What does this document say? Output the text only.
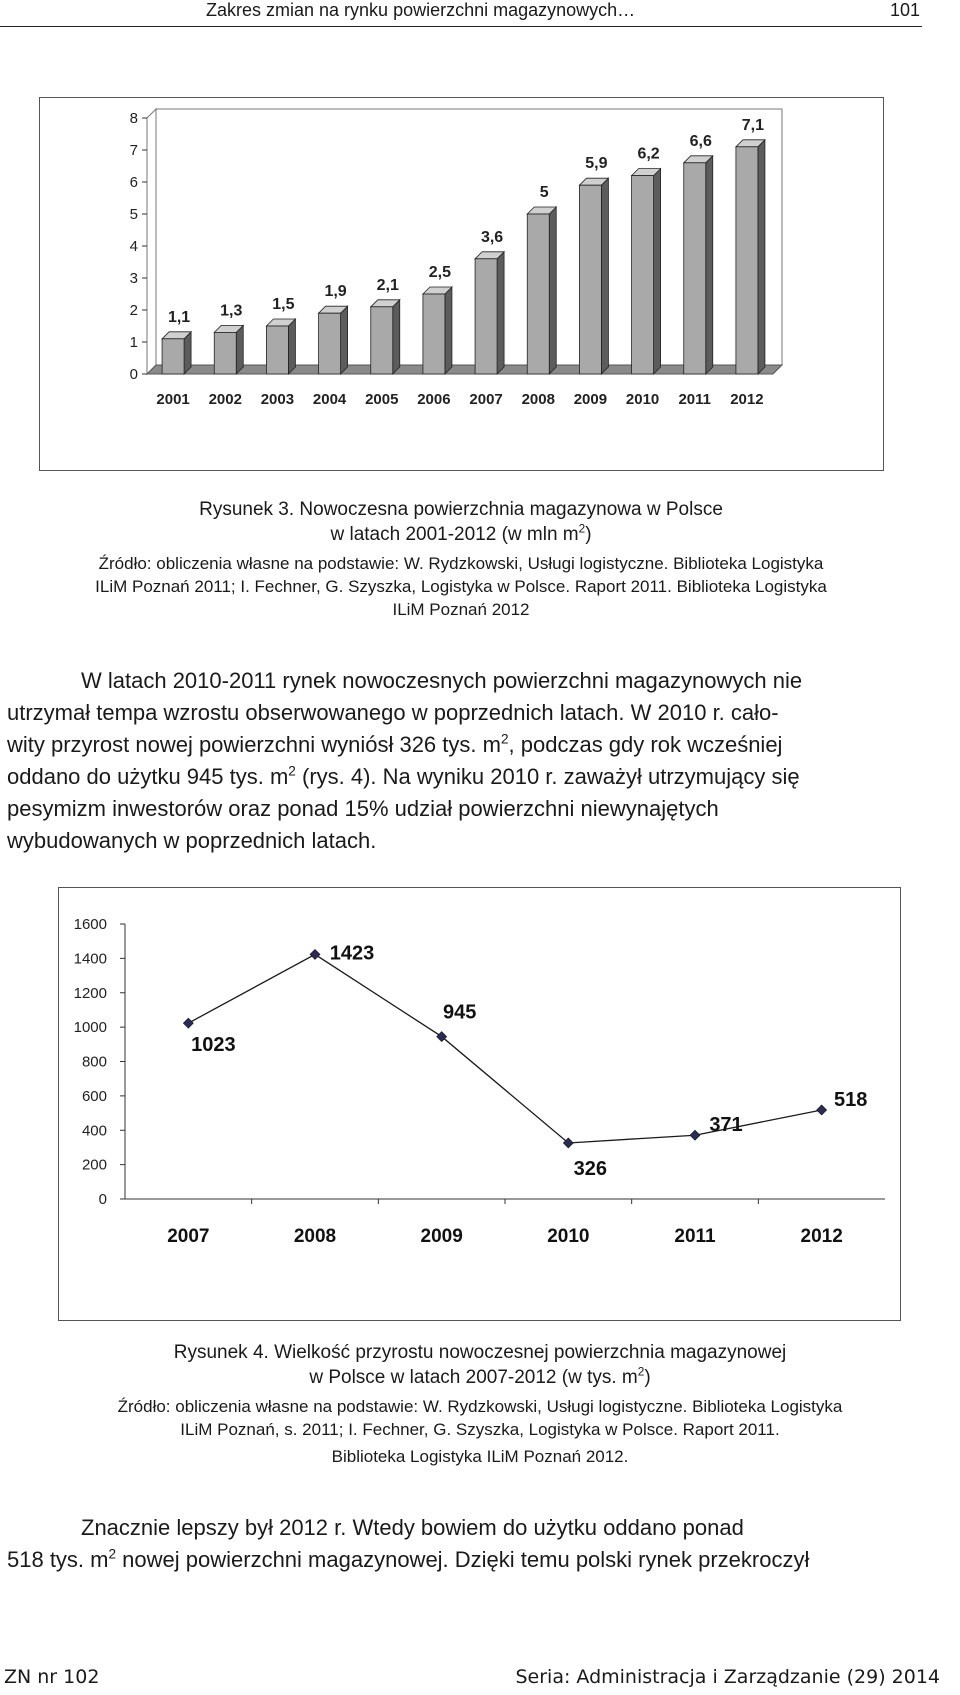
Zakres zmian na rynku powierzchni magazynowych…	101
0
1
2
3
4
5
6
7
8
2001
1,1
2002
1,3
2003
1,5
2004
1,9
2005
2,1
2006
2,5
2007
3,6
2008
5
2009
5,9
2010
6,2
2011
6,6
2012
7,1
Rysunek 3. Nowoczesna powierzchnia magazynowa w Polsce
w latach 2001-2012 (w mln $m^2$)
Źródło: obliczenia własne na podstawie: W. Rydzkowski, Usługi logistyczne. Biblioteka Logistyka
ILiM Poznań 2011; I. Fechner, G. Szyszka, Logistyka w Polsce. Raport 2011. Biblioteka Logistyka
ILiM Poznań 2012

W latach 2010-2011 rynek nowoczesnych powierzchni magazynowych nie

utrzymał tempa wzrostu obserwowanego w poprzednich latach. W 2010 r. cało-

wity przyrost nowej powierzchni wyniósł 326 tys. $m^2$, podczas gdy rok wcześniej

oddano do użytku 945 tys. $m^2$ (rys. 4). Na wyniku 2010 r. zaważył utrzymujący się

pesymizm inwestorów oraz ponad 15% udział powierzchni niewynajętych

wybudowanych w poprzednich latach.

0
200
400
600
800
1000
1200
1400
1600
2007
1023
2008
1423
2009
945
2010
326
2011
371
2012
518
Rysunek 4. Wielkość przyrostu nowoczesnej powierzchnia magazynowej
w Polsce w latach 2007-2012 (w tys. $m^2$)
Źródło: obliczenia własne na podstawie: W. Rydzkowski, Usługi logistyczne. Biblioteka Logistyka
ILiM Poznań, s. 2011; I. Fechner, G. Szyszka, Logistyka w Polsce. Raport 2011.
Biblioteka Logistyka ILiM Poznań 2012.

Znacznie lepszy był 2012 r. Wtedy bowiem do użytku oddano ponad

518 tys. $m^2$ nowej powierzchni magazynowej. Dzięki temu polski rynek przekroczył

ZN nr 102	Seria: Administracja i Zarządzanie (29) 2014
